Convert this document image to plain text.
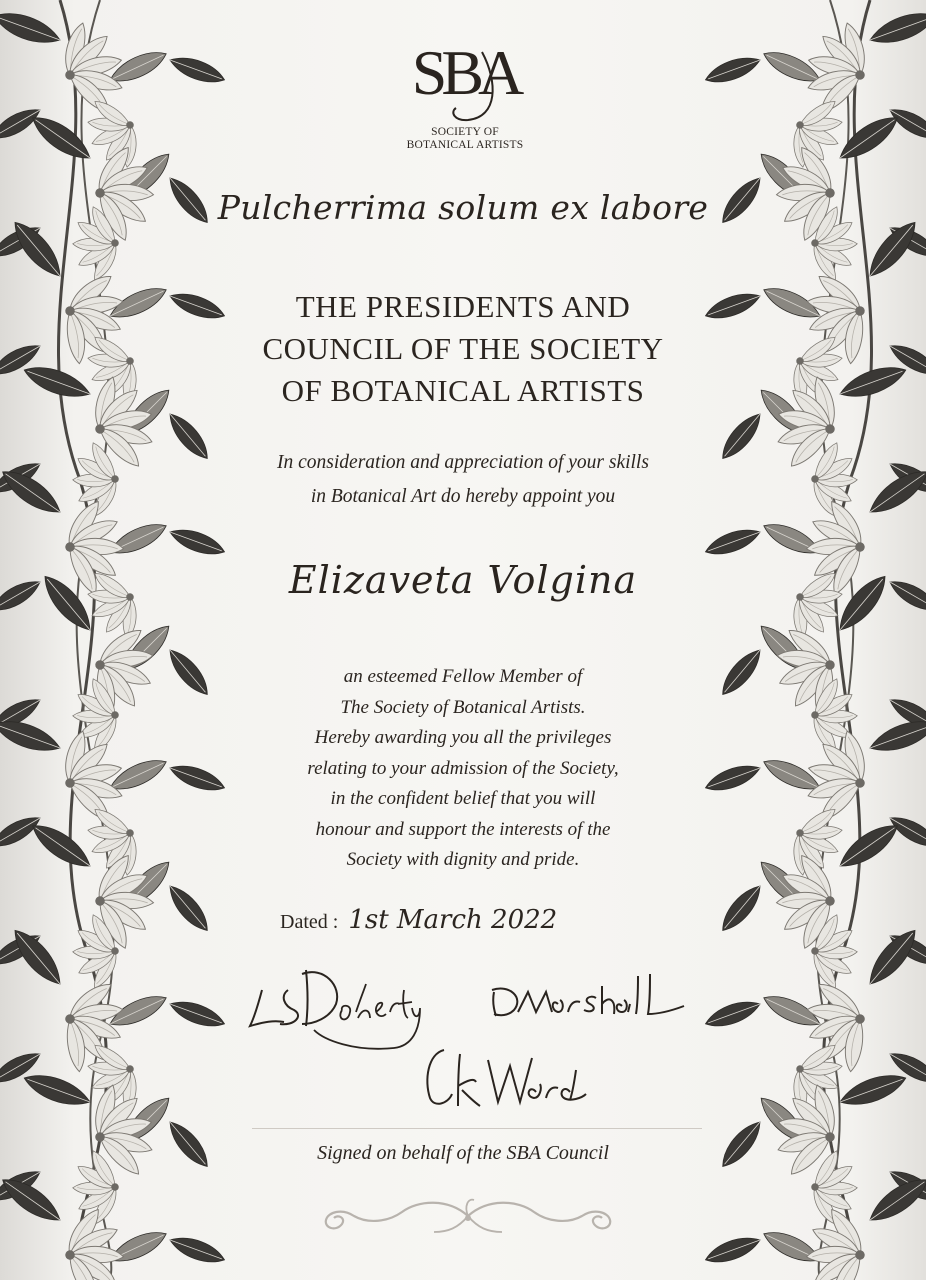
SBA
SOCIETY OF
BOTANICAL ARTISTS
Pulcherrima solum ex labore
THE PRESIDENTS AND
COUNCIL OF THE SOCIETY
OF BOTANICAL ARTISTS
In consideration and appreciation of your skills
in Botanical Art do hereby appoint you
Elizaveta Volgina
an esteemed Fellow Member of
The Society of Botanical Artists.
Hereby awarding you all the privileges
relating to your admission of the Society,
in the confident belief that you will
honour and support the interests of the
Society with dignity and pride.
Dated : 1st March 2022
Signed on behalf of the SBA Council
